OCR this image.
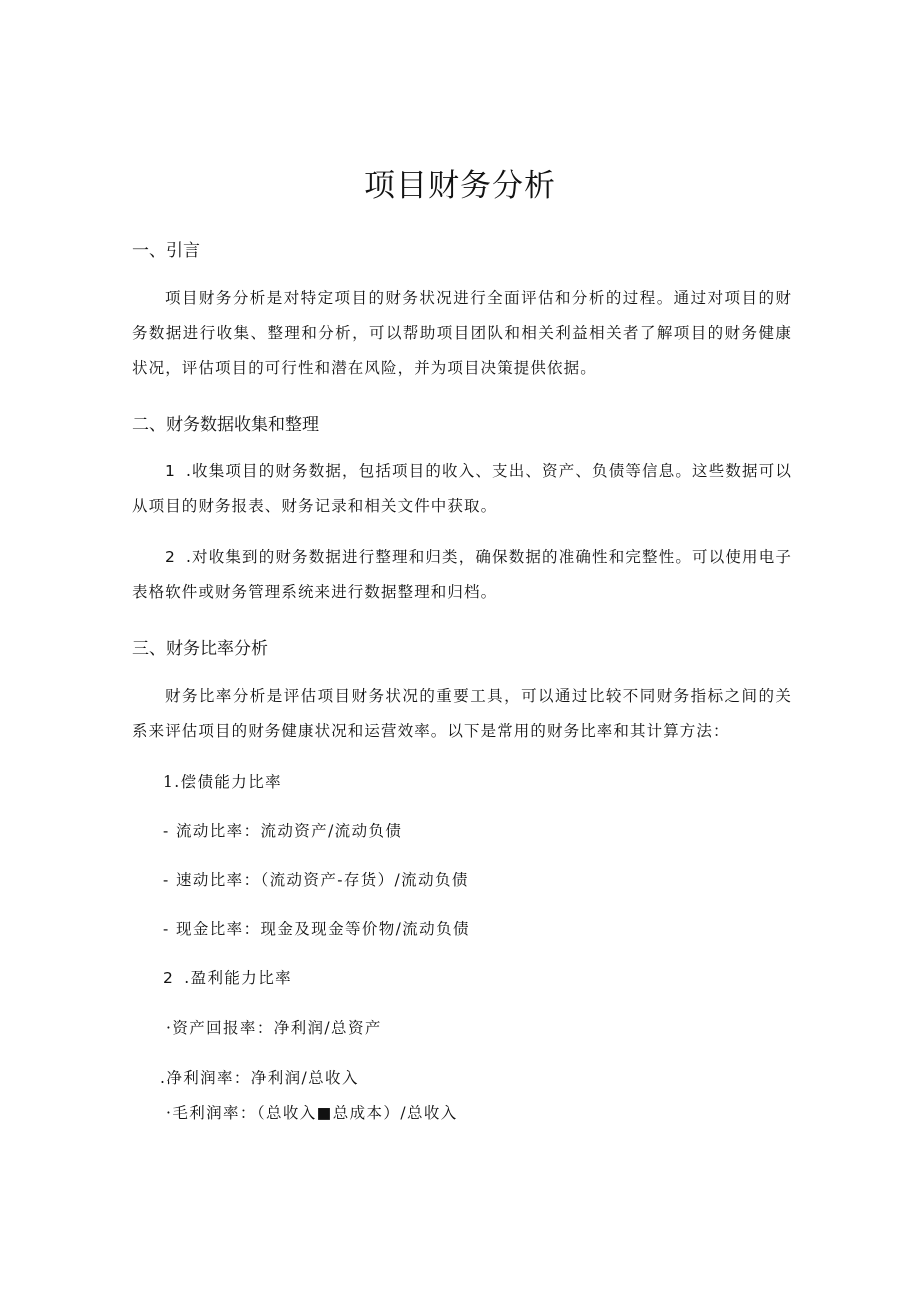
项目财务分析
一、引言

项目财务分析是对特定项目的财务状况进行全面评估和分析的过程。通过对项目的财务数据进行收集、整理和分析，可以帮助项目团队和相关利益相关者了解项目的财务健康状况，评估项目的可行性和潜在风险，并为项目决策提供依据。

二、财务数据收集和整理

1 .收集项目的财务数据，包括项目的收入、支出、资产、负债等信息。这些数据可以从项目的财务报表、财务记录和相关文件中获取。

2 .对收集到的财务数据进行整理和归类，确保数据的准确性和完整性。可以使用电子表格软件或财务管理系统来进行数据整理和归档。

三、财务比率分析

财务比率分析是评估项目财务状况的重要工具，可以通过比较不同财务指标之间的关系来评估项目的财务健康状况和运营效率。以下是常用的财务比率和其计算方法：

1.偿债能力比率
- 流动比率：流动资产/流动负债
- 速动比率：（流动资产-存货）/流动负债
- 现金比率：现金及现金等价物/流动负债
2 .盈利能力比率
·资产回报率：净利润/总资产
.净利润率：净利润/总收入
·毛利润率：（总收入■总成本）/总收入
